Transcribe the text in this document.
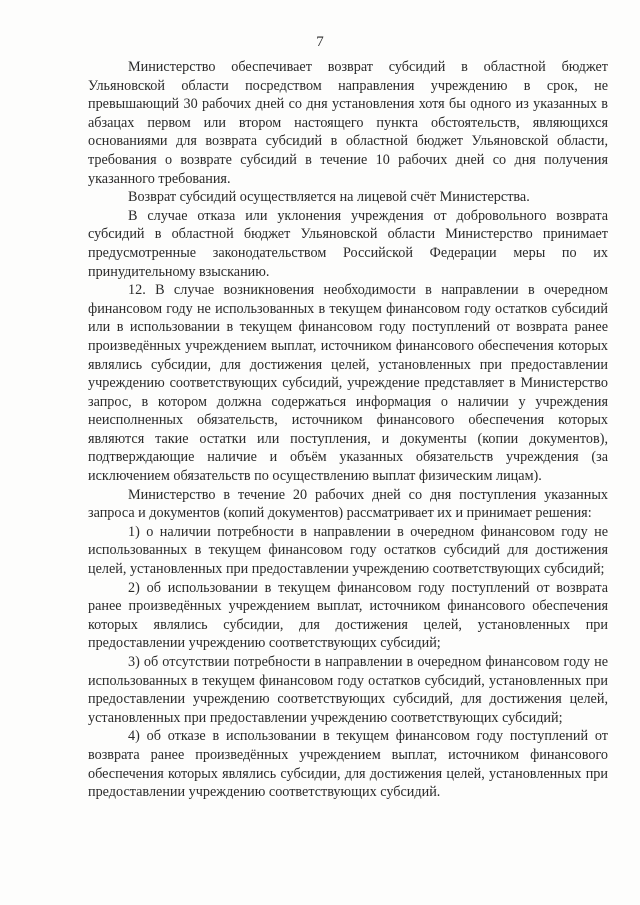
7

Министерство обеспечивает возврат субсидий в областной бюджет Ульяновской области посредством направления учреждению в срок, не превышающий 30 рабочих дней со дня установления хотя бы одного из указанных в абзацах первом или втором настоящего пункта обстоятельств, являющихся основаниями для возврата субсидий в областной бюджет Ульяновской области, требования о возврате субсидий в течение 10 рабочих дней со дня получения указанного требования.

Возврат субсидий осуществляется на лицевой счёт Министерства.

В случае отказа или уклонения учреждения от добровольного возврата субсидий в областной бюджет Ульяновской области Министерство принимает предусмотренные законодательством Российской Федерации меры по их принудительному взысканию.

12. В случае возникновения необходимости в направлении в очередном финансовом году не использованных в текущем финансовом году остатков субсидий или в использовании в текущем финансовом году поступлений от возврата ранее произведённых учреждением выплат, источником финансового обеспечения которых являлись субсидии, для достижения целей, установленных при предоставлении учреждению соответствующих субсидий, учреждение представляет в Министерство запрос, в котором должна содержаться информация о наличии у учреждения неисполненных обязательств, источником финансового обеспечения которых являются такие остатки или поступления, и документы (копии документов), подтверждающие наличие и объём указанных обязательств учреждения (за исключением обязательств по осуществлению выплат физическим лицам).

Министерство в течение 20 рабочих дней со дня поступления указанных запроса и документов (копий документов) рассматривает их и принимает решения:

1) о наличии потребности в направлении в очередном финансовом году не использованных в текущем финансовом году остатков субсидий для достижения целей, установленных при предоставлении учреждению соответствующих субсидий;

2) об использовании в текущем финансовом году поступлений от возврата ранее произведённых учреждением выплат, источником финансового обеспечения которых являлись субсидии, для достижения целей, установленных при предоставлении учреждению соответствующих субсидий;

3) об отсутствии потребности в направлении в очередном финансовом году не использованных в текущем финансовом году остатков субсидий, установленных при предоставлении учреждению соответствующих субсидий, для достижения целей, установленных при предоставлении учреждению соответствующих субсидий;

4) об отказе в использовании в текущем финансовом году поступлений от возврата ранее произведённых учреждением выплат, источником финансового обеспечения которых являлись субсидии, для достижения целей, установленных при предоставлении учреждению соответствующих субсидий.
